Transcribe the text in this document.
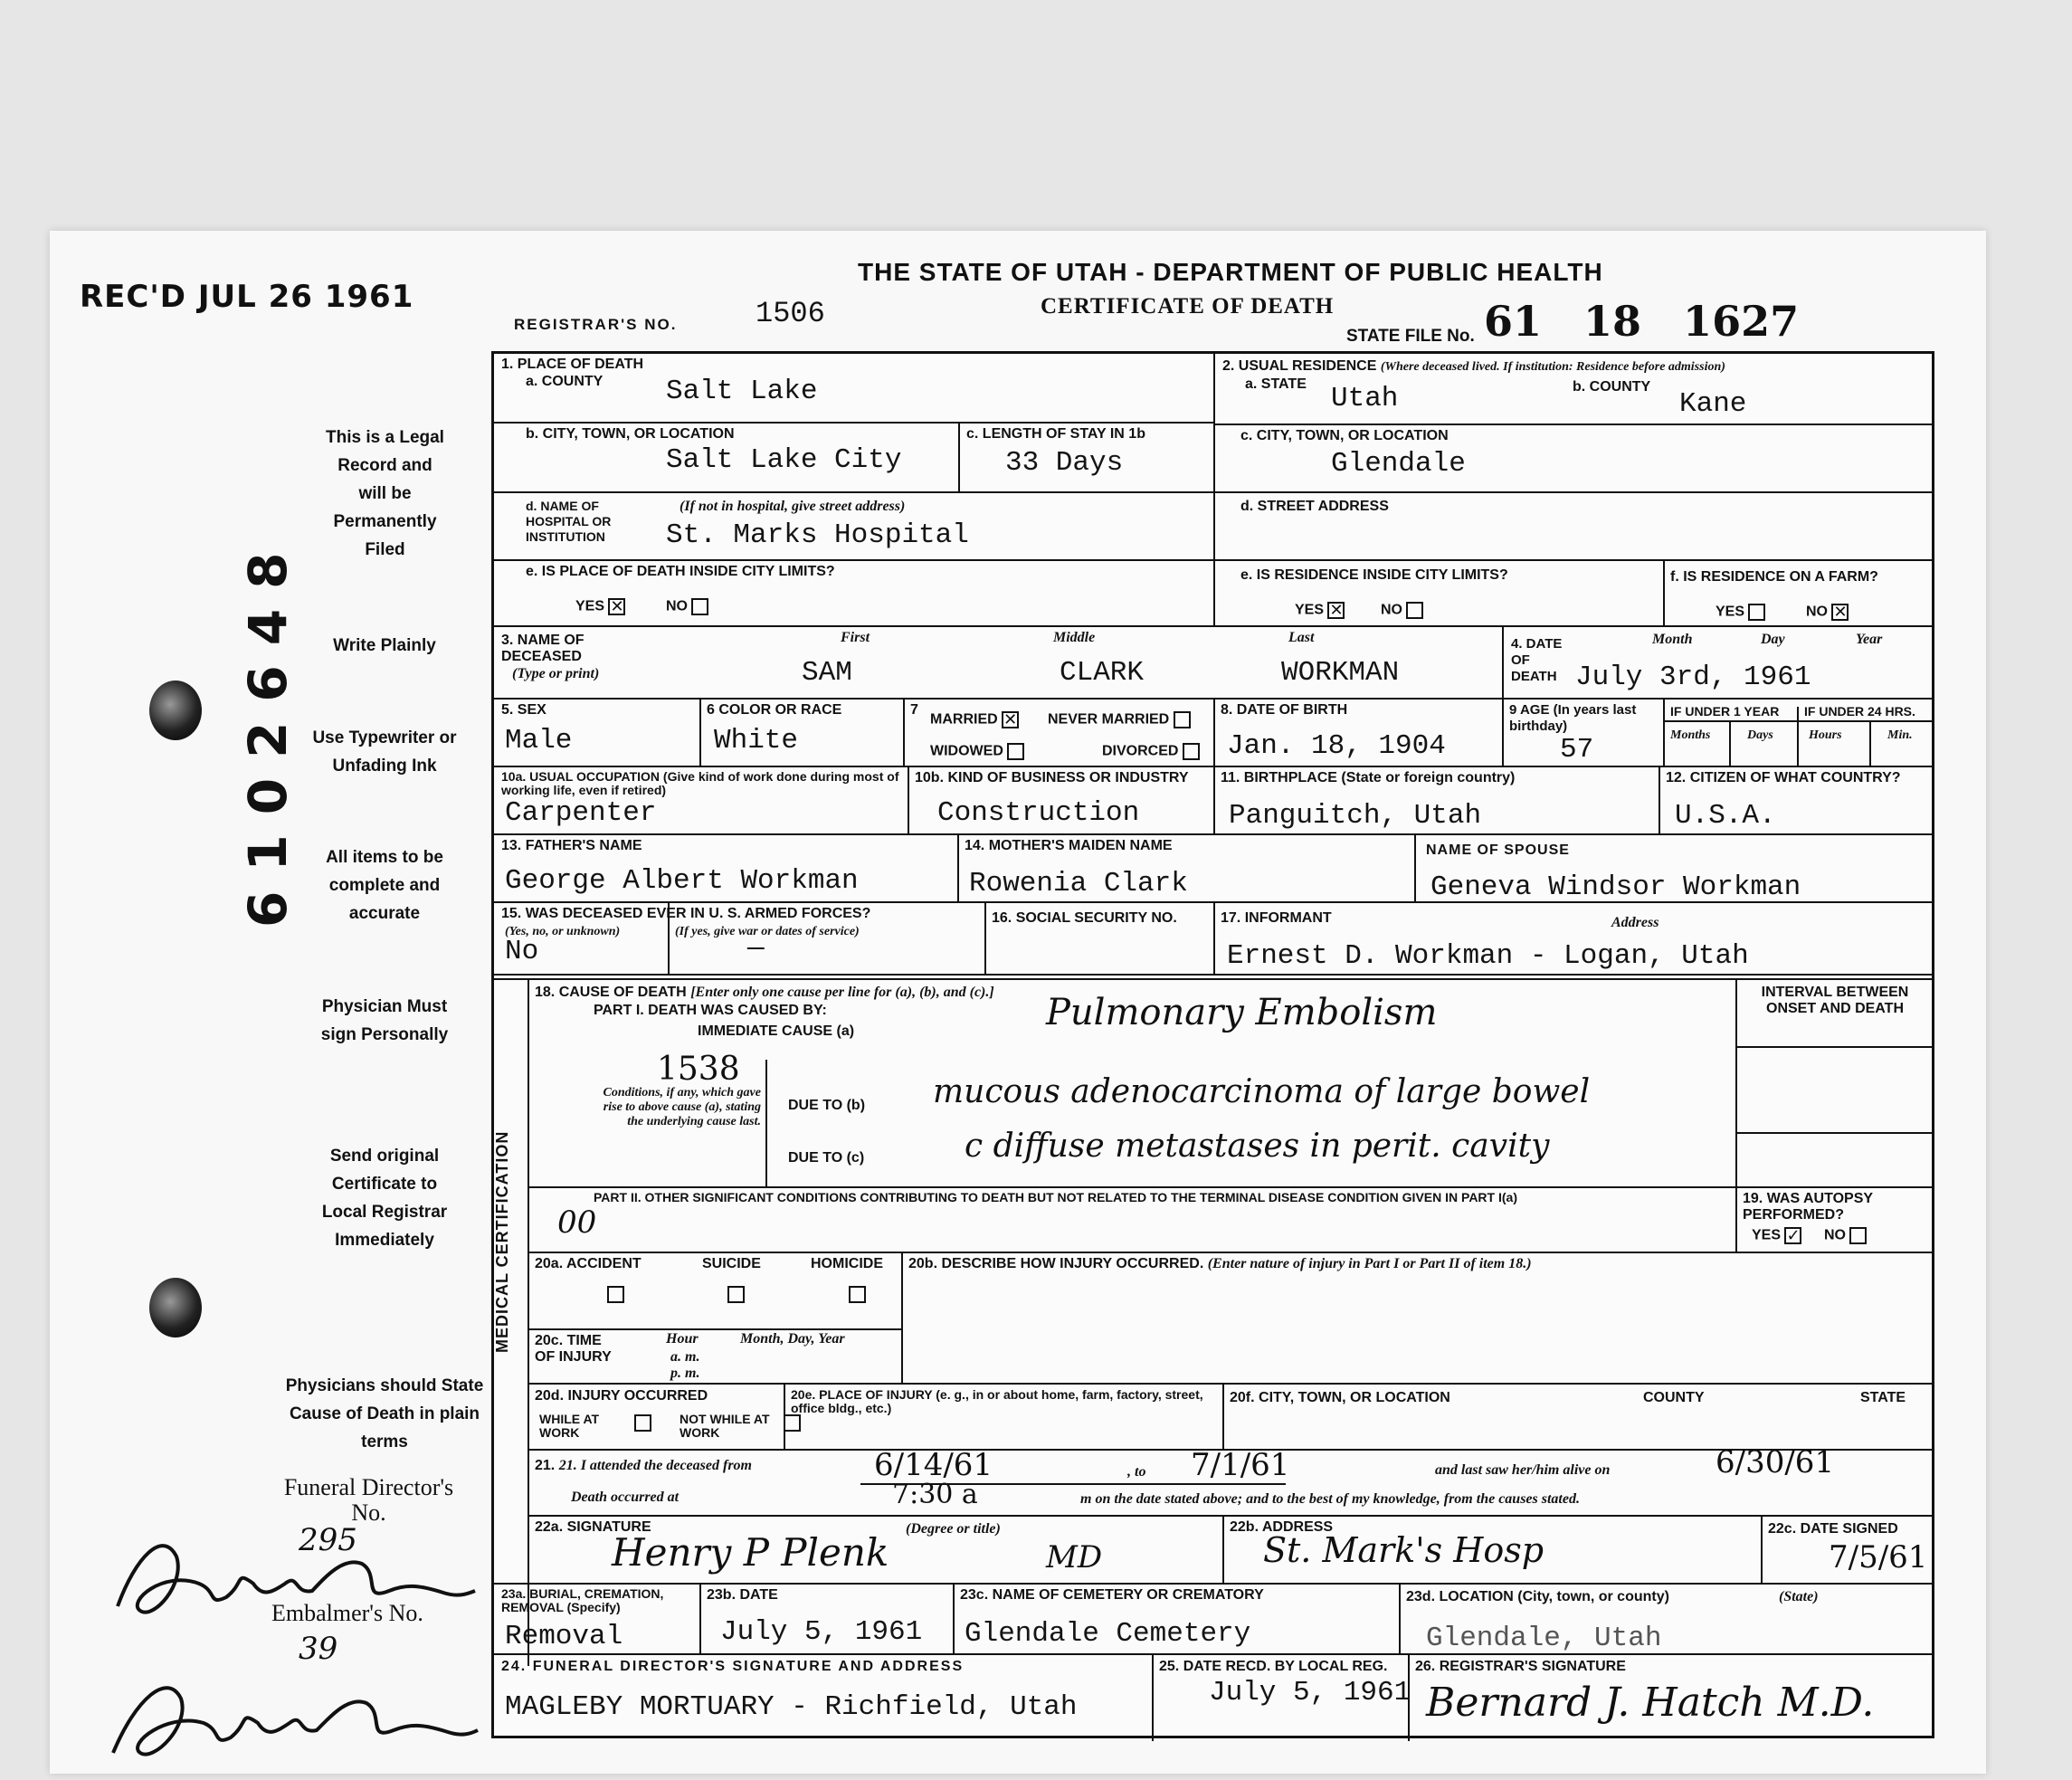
REC'D JUL 26 1961
6102648
This is a Legal Record and will be Permanently Filed
Write Plainly
Use Typewriter or Unfading Ink
All items to be complete and accurate
Physician Must sign Personally
Send original Certificate to Local Registrar Immediately
Physicians should State Cause of Death in plain terms
Funeral Director's No.
295
Embalmer's No.
39
THE STATE OF UTAH - DEPARTMENT OF PUBLIC HEALTH
CERTIFICATE OF DEATH
REGISTRAR'S NO.	1506
STATE FILE No. 61 18 1627
1. PLACE OF DEATH
a. COUNTY Salt Lake
b. CITY, TOWN, OR LOCATION
Salt Lake City
c. LENGTH OF STAY IN 1b
33 Days
d. NAME OF HOSPITAL OR INSTITUTION
(If not in hospital, give street address)
St. Marks Hospital
e. IS PLACE OF DEATH INSIDE CITY LIMITS?
YES ✕	NO
2. USUAL RESIDENCE (Where deceased lived. If institution: Residence before admission)
a. STATE Utah	b. COUNTY
Kane
c. CITY, TOWN, OR LOCATION
Glendale
d. STREET ADDRESS
e. IS RESIDENCE INSIDE CITY LIMITS?
YES ✕	NO
f. IS RESIDENCE ON A FARM?
YES	NO ✕
3. NAME OF DECEASED
(Type or print)
First	Middle	Last
SAM	CLARK	WORKMAN
4. DATE OF DEATH
Month	Day	Year
July 3rd, 1961
5. SEX
Male
6 COLOR OR RACE
White
7
MARRIED ✕ NEVER MARRIED
WIDOWED	DIVORCED
8. DATE OF BIRTH
Jan. 18, 1904
9 AGE (In years last birthday)
57
IF UNDER 1 YEAR IF UNDER 24 HRS.
Months	Days	Hours	Min.
10a. USUAL OCCUPATION (Give kind of work done during most of working life, even if retired)
Carpenter
10b. KIND OF BUSINESS OR INDUSTRY
Construction
11. BIRTHPLACE (State or foreign country)
Panguitch, Utah
12. CITIZEN OF WHAT COUNTRY?
U.S.A.
13. FATHER'S NAME
George Albert Workman
14. MOTHER'S MAIDEN NAME
Rowenia Clark
NAME OF SPOUSE
Geneva Windsor Workman
15. WAS DECEASED EVER IN U. S. ARMED FORCES?
(Yes, no, or unknown)	(If yes, give war or dates of service)
No	—
16. SOCIAL SECURITY NO.	17. INFORMANT	Address
Ernest D. Workman - Logan, Utah
18. CAUSE OF DEATH [Enter only one cause per line for (a), (b), and (c).]
PART I. DEATH WAS CAUSED BY:
IMMEDIATE CAUSE (a)	Pulmonary Embolism
Conditions, if any, which gave rise to above cause (a), stating the underlying cause last.
1538
DUE TO (b) mucous adenocarcinoma of large bowel
DUE TO (c)	c diffuse metastases in perit. cavity
INTERVAL BETWEEN ONSET AND DEATH
PART II. OTHER SIGNIFICANT CONDITIONS CONTRIBUTING TO DEATH BUT NOT RELATED TO THE TERMINAL DISEASE CONDITION GIVEN IN PART I(a)
00
19. WAS AUTOPSY PERFORMED?
YES ✓ NO
20a. ACCIDENT	SUICIDE	HOMICIDE 20b. DESCRIBE HOW INJURY OCCURRED. (Enter nature of injury in Part I or Part II of item 18.)
20c. TIME OF INJURY
Hour
a. m.
p. m.
Month, Day, Year
20d. INJURY OCCURRED
WHILE AT WORK
NOT WHILE AT WORK
20e. PLACE OF INJURY (e. g., in or about home, farm, factory, street, office bldg., etc.)
20f. CITY, TOWN, OR LOCATION	COUNTY	STATE
21. 21. I attended the deceased from	6/14/61	, to 7/1/61	and last saw her/him alive on	6/30/61
Death occurred at	7:30 a	m on the date stated above; and to the best of my knowledge, from the causes stated.
22a. SIGNATURE	(Degree or title)
Henry P Plenk	MD
22b. ADDRESS
St. Mark's Hosp
22c. DATE SIGNED
7/5/61
23a. BURIAL, CREMATION, REMOVAL (Specify)
Removal
23b. DATE
July 5, 1961
23c. NAME OF CEMETERY OR CREMATORY
Glendale Cemetery
23d. LOCATION (City, town, or county)	(State)
Glendale, Utah
24. FUNERAL DIRECTOR'S SIGNATURE AND ADDRESS
MAGLEBY MORTUARY - Richfield, Utah
25. DATE RECD. BY LOCAL REG.
July 5, 1961
26. REGISTRAR'S SIGNATURE
Bernard J. Hatch M.D.
MEDICAL CERTIFICATION
